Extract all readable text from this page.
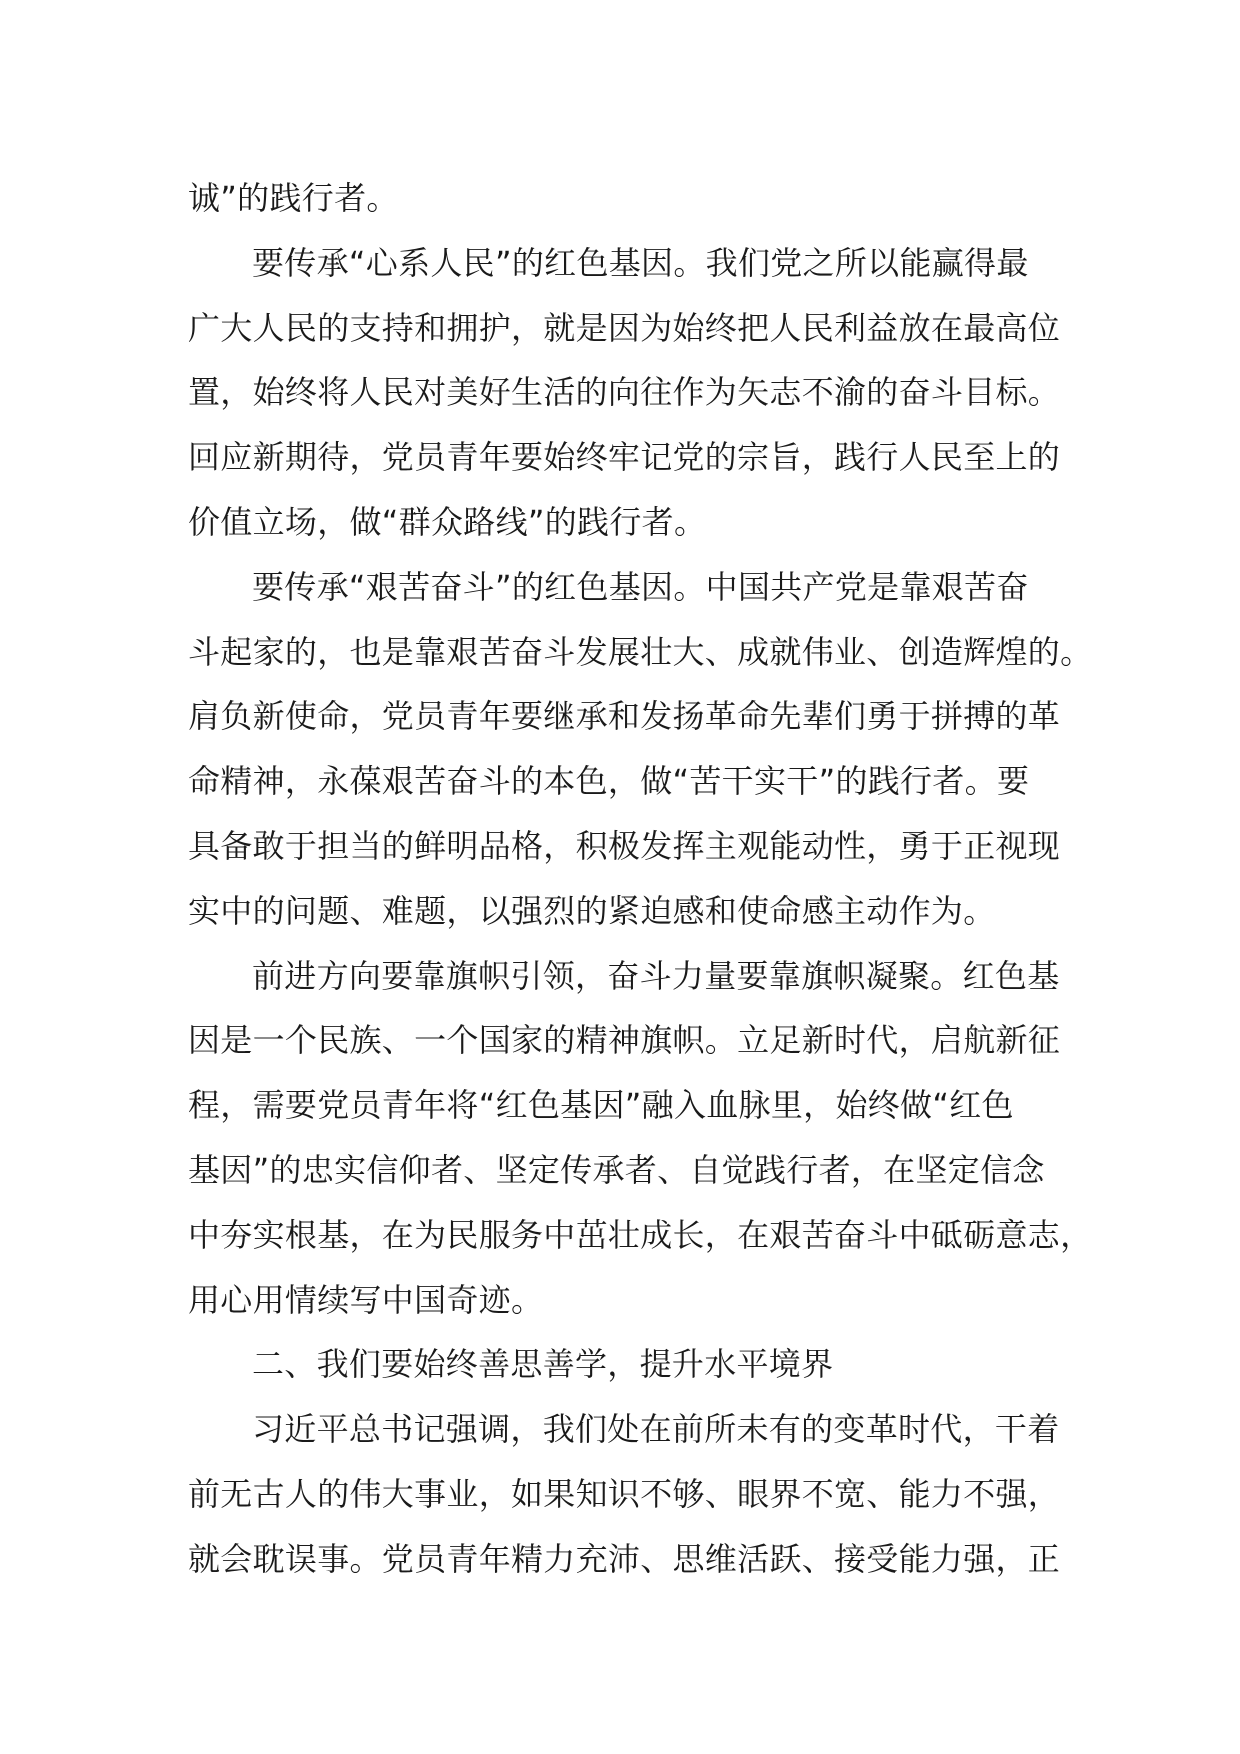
诚”的践行者。
要传承“心系人民”的红色基因。我们党之所以能赢得最
广大人民的支持和拥护，就是因为始终把人民利益放在最高位
置，始终将人民对美好生活的向往作为矢志不渝的奋斗目标。
回应新期待，党员青年要始终牢记党的宗旨，践行人民至上的
价值立场，做“群众路线”的践行者。
要传承“艰苦奋斗”的红色基因。中国共产党是靠艰苦奋
斗起家的，也是靠艰苦奋斗发展壮大、成就伟业、创造辉煌的。
肩负新使命，党员青年要继承和发扬革命先辈们勇于拼搏的革
命精神，永葆艰苦奋斗的本色，做“苦干实干”的践行者。要
具备敢于担当的鲜明品格，积极发挥主观能动性，勇于正视现
实中的问题、难题，以强烈的紧迫感和使命感主动作为。
前进方向要靠旗帜引领，奋斗力量要靠旗帜凝聚。红色基
因是一个民族、一个国家的精神旗帜。立足新时代，启航新征
程，需要党员青年将“红色基因”融入血脉里，始终做“红色
基因”的忠实信仰者、坚定传承者、自觉践行者，在坚定信念
中夯实根基，在为民服务中茁壮成长，在艰苦奋斗中砥砺意志，
用心用情续写中国奇迹。
二、我们要始终善思善学，提升水平境界
习近平总书记强调，我们处在前所未有的变革时代，干着
前无古人的伟大事业，如果知识不够、眼界不宽、能力不强，
就会耽误事。党员青年精力充沛、思维活跃、接受能力强，正
